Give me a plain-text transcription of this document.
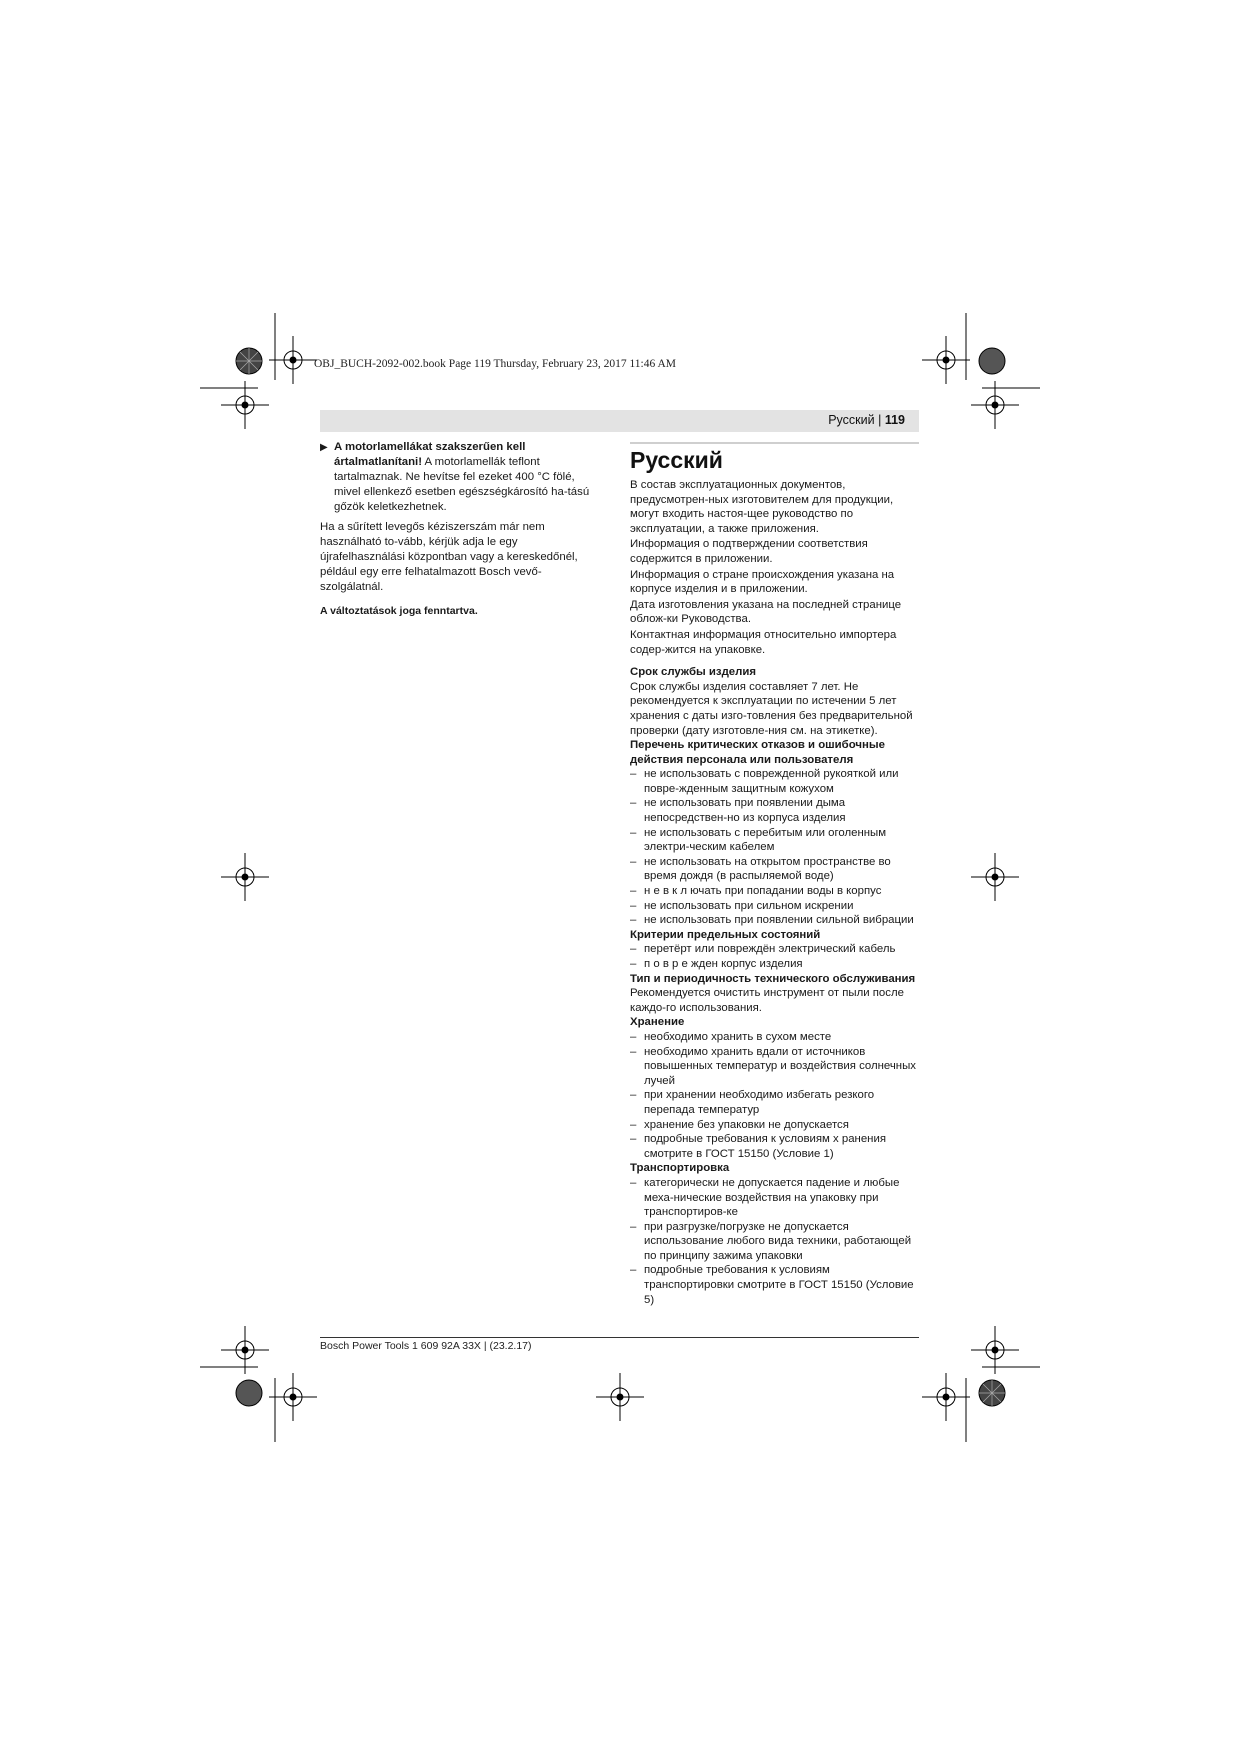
OBJ_BUCH-2092-002.book Page 119 Thursday, February 23, 2017 11:46 AM
Русский | 119
▶ A motorlamellákat szakszerűen kell ártalmatlanítani! A motorlamellák teflont tartalmaznak. Ne hevítse fel ezeket 400 °C fölé, mivel ellenkező esetben egészségkárosító ha-tású gőzök keletkezhetnek.

Ha a sűrített levegős kéziszerszám már nem használható to-vább, kérjük adja le egy újrafelhasználási központban vagy a kereskedőnél, például egy erre felhatalmazott Bosch vevő-szolgálatnál.

A változtatások joga fenntartva.

Русский

В состав эксплуатационных документов, предусмотрен-ных изготовителем для продукции, могут входить настоя-щее руководство по эксплуатации, а также приложения.

Информация о подтверждении соответствия содержится в приложении.

Информация о стране происхождения указана на корпусе изделия и в приложении.

Дата изготовления указана на последней странице облож-ки Руководства.

Контактная информация относительно импортера содер-жится на упаковке.

Срок службы изделия

Срок службы изделия составляет 7 лет. Не рекомендуется к эксплуатации по истечении 5 лет хранения с даты изго-товления без предварительной проверки (дату изготовле-ния см. на этикетке).

Перечень критических отказов и ошибочные действия персонала или пользователя

– не использовать с поврежденной рукояткой или повре-жденным защитным кожухом
– не использовать при появлении дыма непосредствен-но из корпуса изделия
– не использовать с перебитым или оголенным электри-ческим кабелем
– не использовать на открытом пространстве во время дождя (в распыляемой воде)
– н е в к л ючать при попадании воды в корпус
– не использовать при сильном искрении
– не использовать при появлении сильной вибрации

Критерии предельных состояний

– перетёрт или повреждён электрический кабель
– п о в р е жден корпус изделия

Тип и периодичность технического обслуживания

Рекомендуется очистить инструмент от пыли после каждо-го использования.

Хранение

– необходимо хранить в сухом месте
– необходимо хранить вдали от источников повышенных температур и воздействия солнечных лучей
– при хранении необходимо избегать резкого перепада температур
– хранение без упаковки не допускается
– подробные требования к условиям х ранения смотрите в ГОСТ 15150 (Условие 1)

Транспортировка

– категорически не допускается падение и любые меха-нические воздействия на упаковку при транспортиров-ке
– при разгрузке/погрузке не допускается использование любого вида техники, работающей по принципу зажима упаковки
– подробные требования к условиям транспортировки смотрите в ГОСТ 15150 (Условие 5)
Bosch Power Tools 1 609 92A 33X | (23.2.17)
